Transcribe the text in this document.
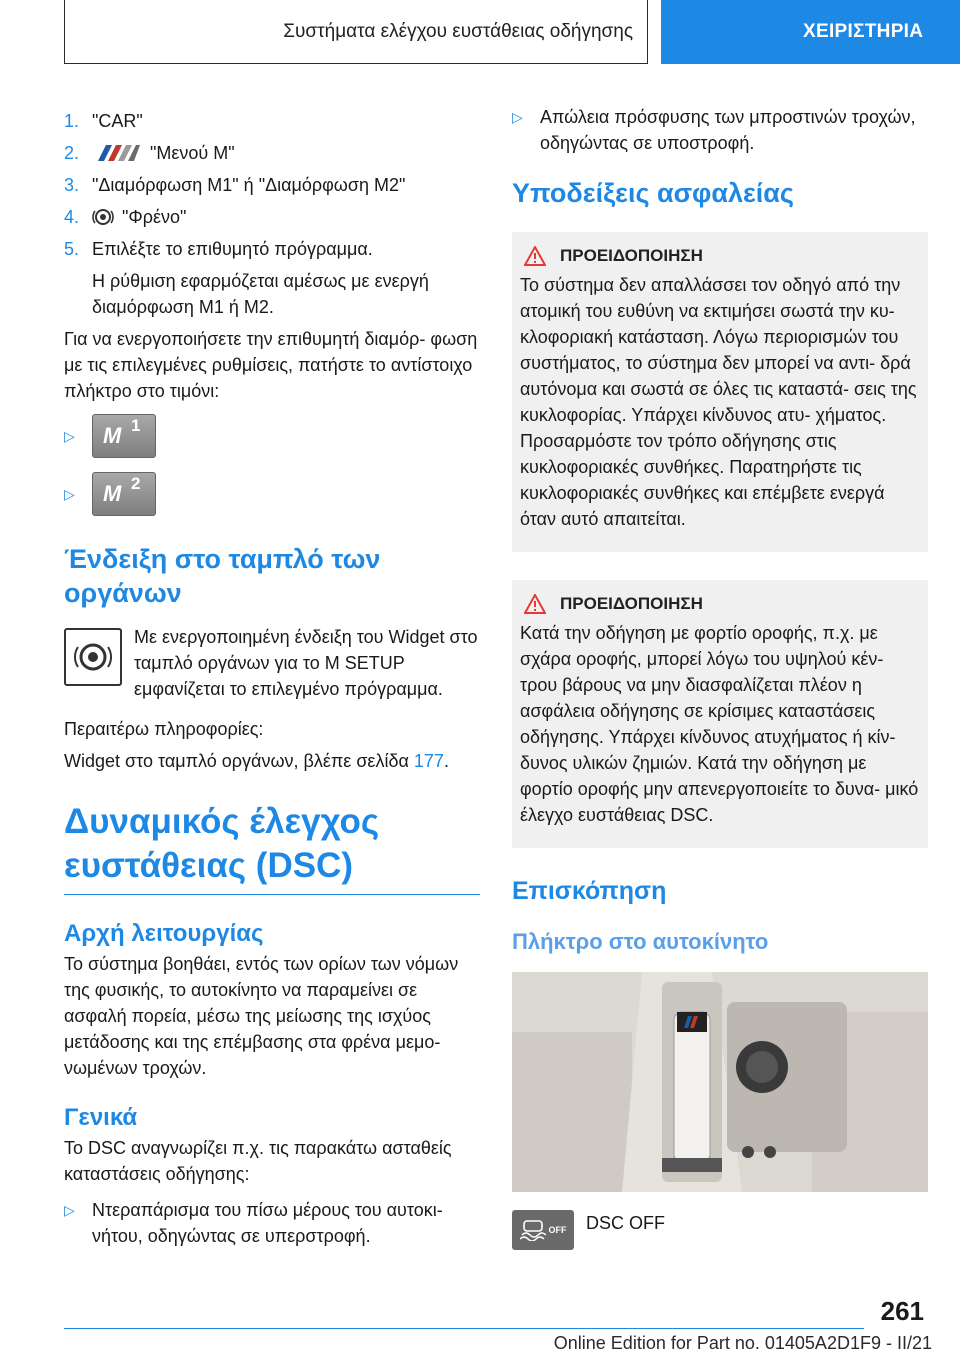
Συστήματα ελέγχου ευστάθειας οδήγησης	ΧΕΙΡΙΣΤΗΡΙΑ
1. "CAR"
2.	"Μενού M"
3. "Διαμόρφωση M1" ή "Διαμόρφωση M2"
4.	"Φρένο"
5. Επιλέξτε το επιθυμητό πρόγραμμα.

Η ρύθμιση εφαρμόζεται αμέσως με ενεργή διαμόρφωση M1 ή M2.

Για να ενεργοποιήσετε την επιθυμητή διαμόρ- φωση με τις επιλεγμένες ρυθμίσεις, πατήστε το αντίστοιχο πλήκτρο στο τιμόνι:

▷	M 1
▷	M 2
Ένδειξη στο ταμπλό των οργάνων

Με ενεργοποιημένη ένδειξη του Widget στο ταμπλό οργάνων για το M SETUP εμφανίζεται το επιλεγμένο πρόγραμμα.

Περαιτέρω πληροφορίες:

Widget στο ταμπλό οργάνων, βλέπε σελίδα 177.

Δυναμικός έλεγχος ευστάθειας (DSC)
Αρχή λειτουργίας

Το σύστημα βοηθάει, εντός των ορίων των νόμων της φυσικής, το αυτοκίνητο να παραμείνει σε ασφαλή πορεία, μέσω της μείωσης της ισχύος μετάδοσης και της επέμβασης στα φρένα μεμο- νωμένων τροχών.

Γενικά

Το DSC αναγνωρίζει π.χ. τις παρακάτω ασταθείς καταστάσεις οδήγησης:

▷ Ντεραπάρισμα του πίσω μέρους του αυτοκι- νήτου, οδηγώντας σε υπερστροφή.
▷ Απώλεια πρόσφυσης των μπροστινών τροχών, οδηγώντας σε υποστροφή.
Υποδείξεις ασφαλείας
ΠΡΟΕΙΔΟΠΟΙΗΣΗ
Το σύστημα δεν απαλλάσσει τον οδηγό από την ατομική του ευθύνη να εκτιμήσει σωστά την κυ- κλοφοριακή κατάσταση. Λόγω περιορισμών του συστήματος, το σύστημα δεν μπορεί να αντι- δρά αυτόνομα και σωστά σε όλες τις καταστά- σεις της κυκλοφορίας. Υπάρχει κίνδυνος ατυ- χήματος. Προσαρμόστε τον τρόπο οδήγησης στις κυκλοφοριακές συνθήκες. Παρατηρήστε τις κυκλοφοριακές συνθήκες και επέμβετε ενεργά όταν αυτό απαιτείται.
ΠΡΟΕΙΔΟΠΟΙΗΣΗ
Κατά την οδήγηση με φορτίο οροφής, π.χ. με σχάρα οροφής, μπορεί λόγω του υψηλού κέν- τρου βάρους να μην διασφαλίζεται πλέον η ασφάλεια οδήγησης σε κρίσιμες καταστάσεις οδήγησης. Υπάρχει κίνδυνος ατυχήματος ή κίν- δυνος υλικών ζημιών. Κατά την οδήγηση με φορτίο οροφής μην απενεργοποιείτε το δυνα- μικό έλεγχο ευστάθειας DSC.
Επισκόπηση
Πλήκτρο στο αυτοκίνητο
OFF DSC OFF
261
Online Edition for Part no. 01405A2D1F9 - II/21
